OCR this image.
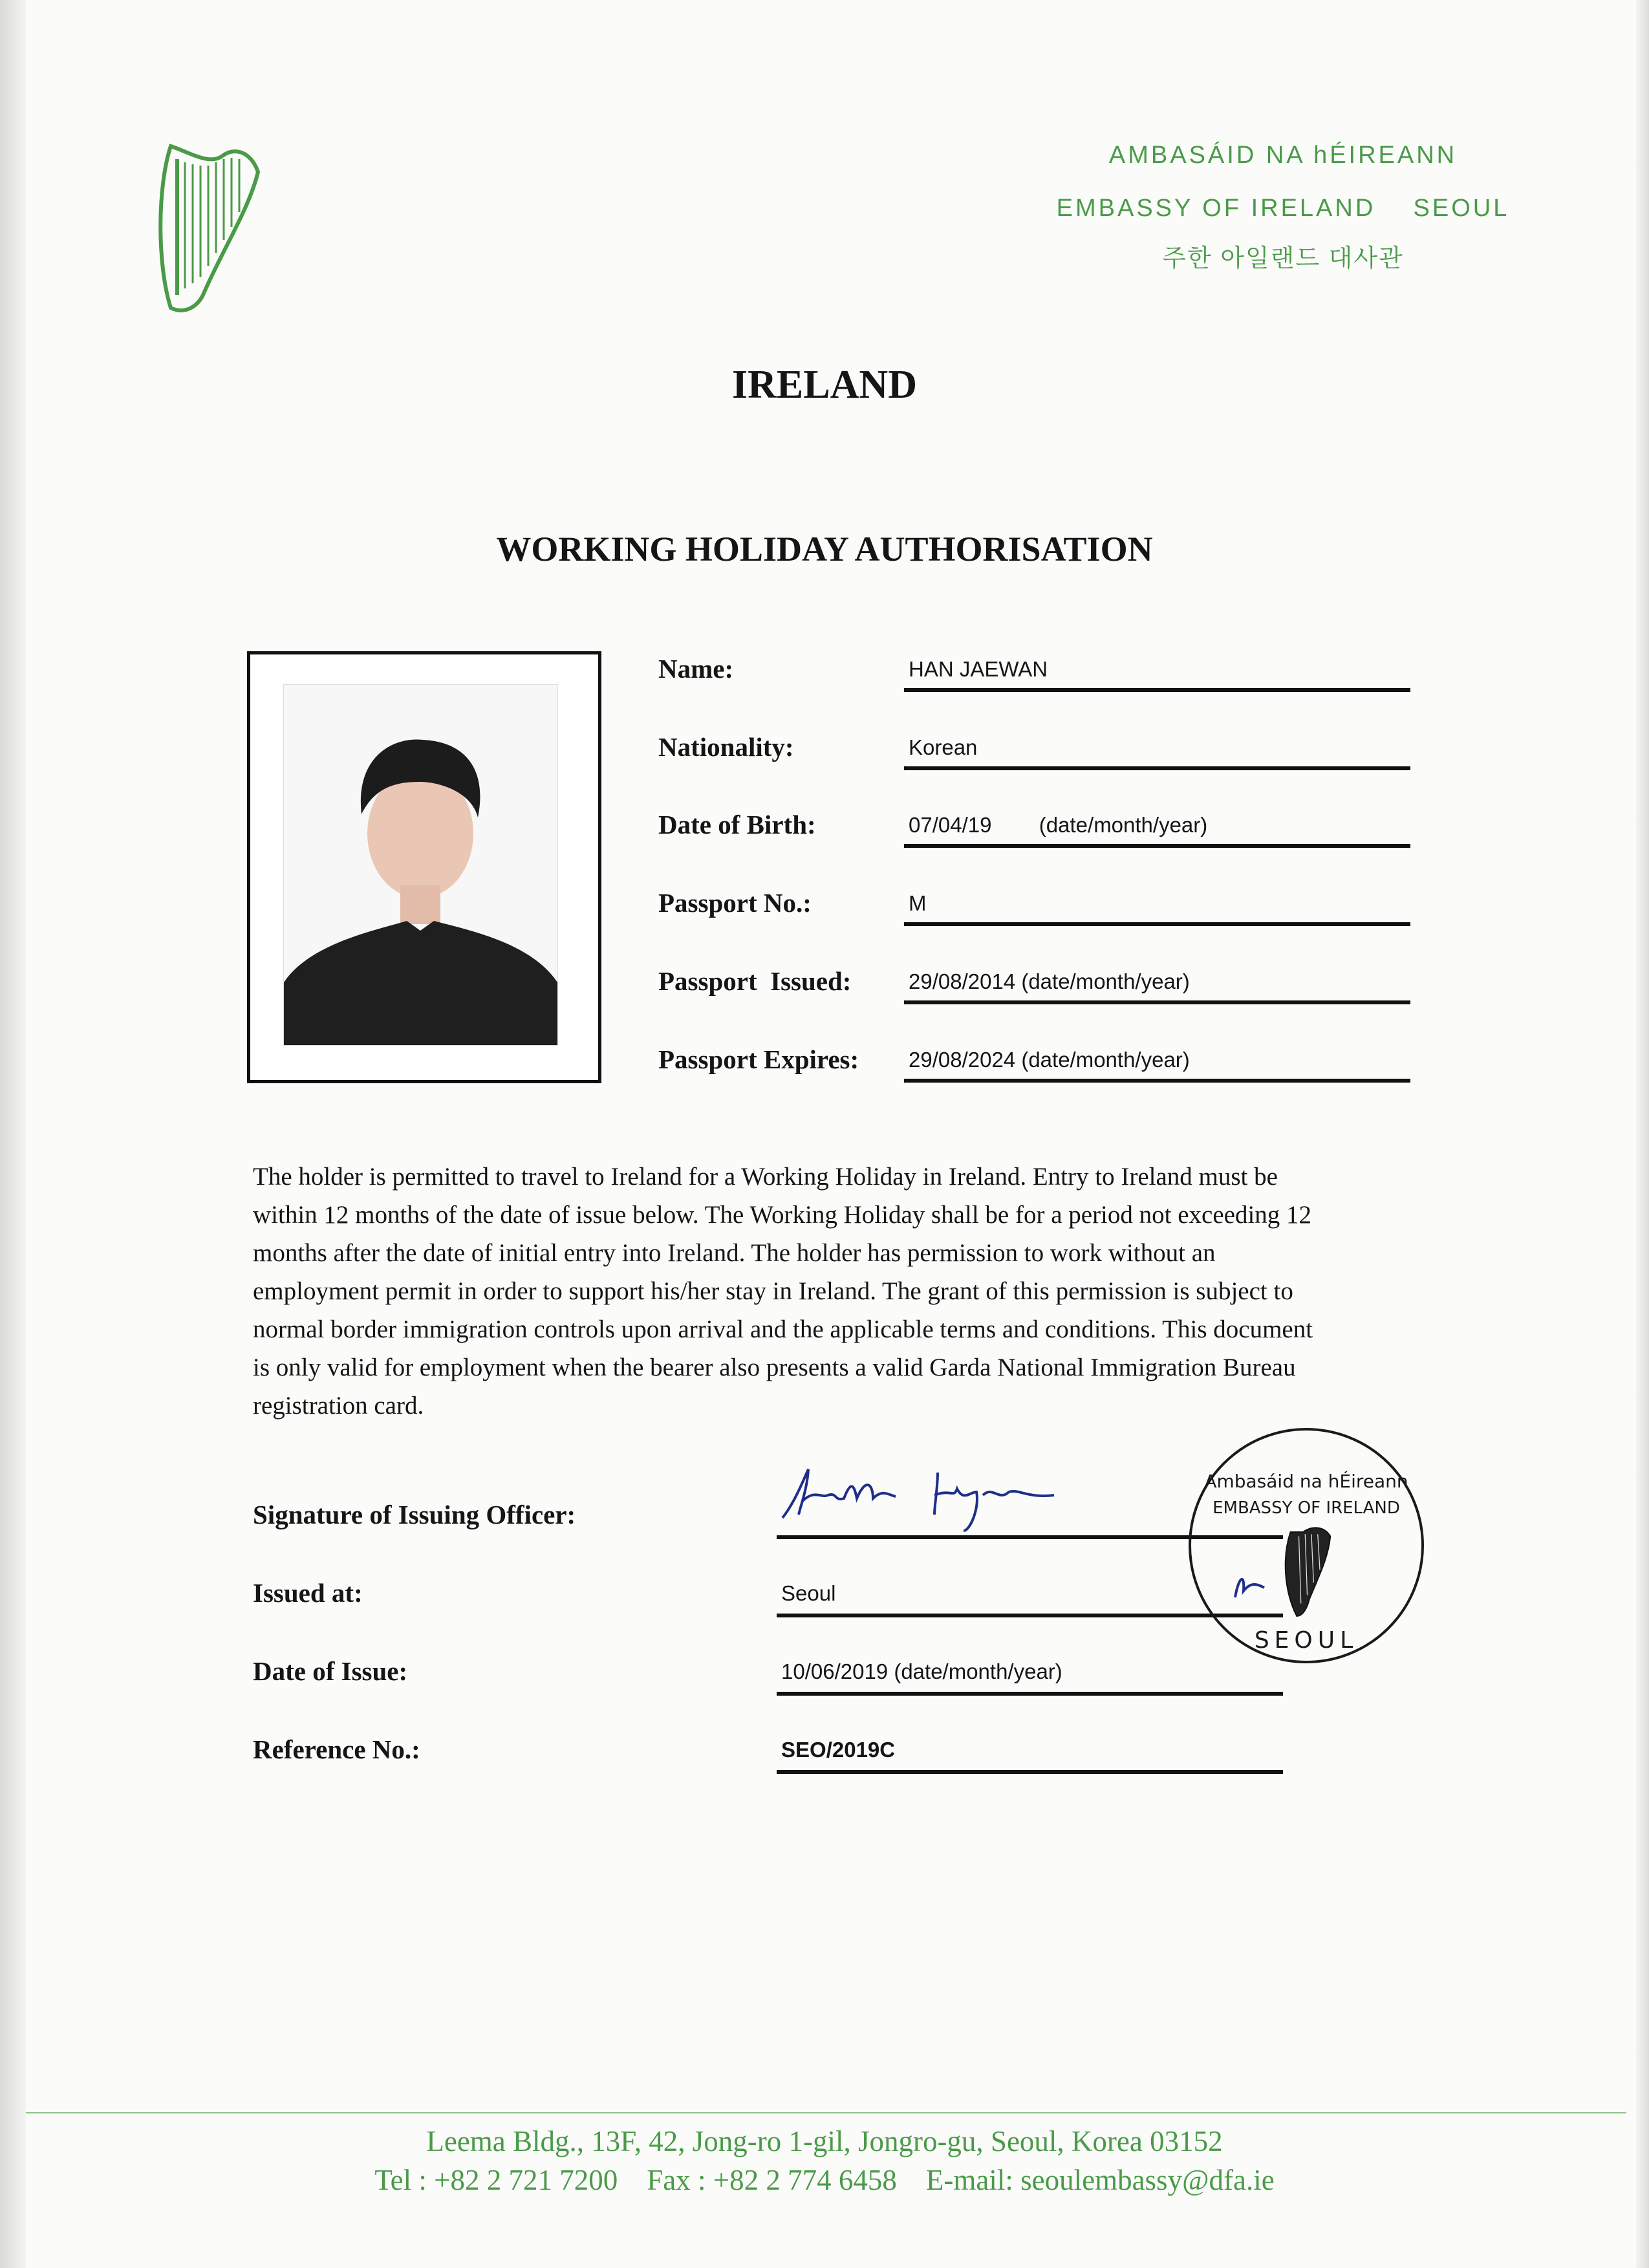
AMBASÁID NA hÉIREANN
EMBASSY OF IRELAND    SEOUL
주한 아일랜드 대사관
IRELAND
WORKING HOLIDAY AUTHORISATION
Name:	HAN JAEWAN
Nationality:	Korean
Date of Birth:	07/04/19        (date/month/year)
Passport No.:	M
Passport  Issued:	29/08/2014 (date/month/year)
Passport Expires: 29/08/2024 (date/month/year)
The holder is permitted to travel to Ireland for a Working Holiday in Ireland. Entry to Ireland must be
within 12 months of the date of issue below. The Working Holiday shall be for a period not exceeding 12
months after the date of initial entry into Ireland. The holder has permission to work without an
employment permit in order to support his/her stay in Ireland. The grant of this permission is subject to
normal border immigration controls upon arrival and the applicable terms and conditions. This document
is only valid for employment when the bearer also presents a valid Garda National Immigration Bureau
registration card.
Signature of Issuing Officer:
Issued at:	Seoul
Date of Issue:	10/06/2019 (date/month/year)
Reference No.:	SEO/2019C
Ambasáid na hÉireann
EMBASSY OF IRELAND
SEOUL
Leema Bldg., 13F, 42, Jong-ro 1-gil, Jongro-gu, Seoul, Korea 03152
Tel : +82 2 721 7200    Fax : +82 2 774 6458    E-mail: seoulembassy@dfa.ie
